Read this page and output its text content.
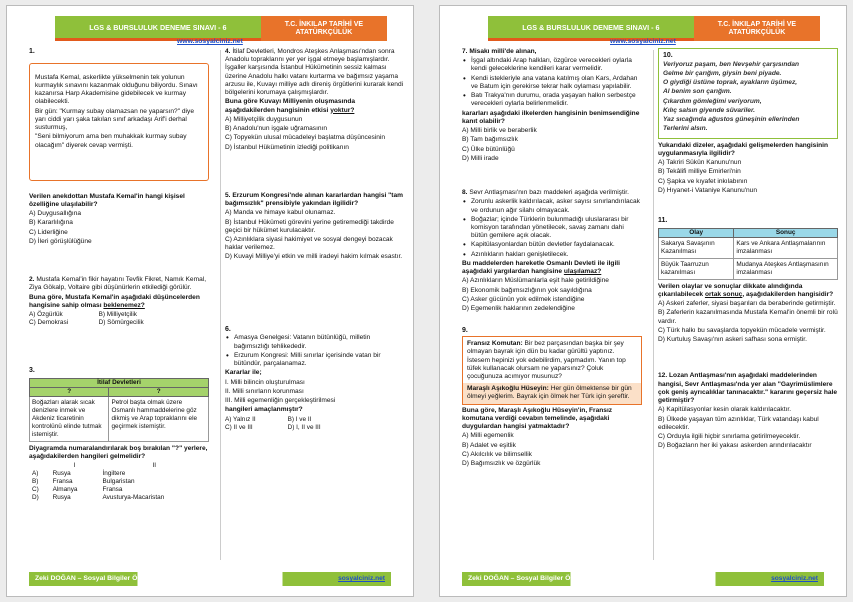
LGS & BURSLULUK DENEME SINAVI - 6	T.C. İNKILAP TARİHİ VE ATATÜRKÇÜLÜK
www.sosyalciniz.net
1.

Mustafa Kemal, askerlikte yükselmenin tek yolunun kurmaylık sınavını kazanmak olduğunu biliyordu. Sınavı kazanırsa Harp Akademisine gidebilecek ve kurmay olabilecekti.

Bir gün: "Kurmay subay olamazsan ne yaparsın?" diye yarı ciddi yarı şaka takılan sınıf arkadaşı Arif'i derhal susturmuş,

"Seni bilmiyorum ama ben muhakkak kurmay subay olacağım" diyerek cevap vermişti.

Verilen anekdottan Mustafa Kemal'in hangi kişisel özelliğine ulaşılabilir?

A) Duygusallığına

B) Kararlılığına

C) Liderliğine

D) İleri görüşlülüğüne

2. Mustafa Kemal'in fikir hayatını Tevfik Fikret, Namık Kemal, Ziya Gökalp, Voltaire gibi düşünürlerin etkilediği görülür.

Buna göre, Mustafa Kemal'in aşağıdaki düşüncelerden hangisine sahip olması beklenemez?

A) Özgürlük	B) Milliyetçilik
C) Demokrasi	D) Sömürgecilik
3.
İtilaf Devletleri	
?	?
Boğazları alarak sıcak denizlere inmek ve Akdeniz ticaretinin kontrolünü elinde tutmak istemiştir.	Petrol başta olmak üzere Osmanlı hammaddelerine göz dikmiş ve Arap topraklarını ele geçirmek istemiştir.

Diyagramda numaralandırılarak boş bırakılan "?" yerlere, aşağıdakilerden hangileri gelmelidir?

	I	II
A)	Rusya	İngiltere
B)	Fransa	Bulgaristan
C)	Almanya	Fransa
D)	Rusya	Avusturya-Macaristan

4. İtilaf Devletleri, Mondros Ateşkes Anlaşması'ndan sonra Anadolu topraklarını yer yer işgal etmeye başlamışlardır. İşgaller karşısında İstanbul Hükümetinin sessiz kalması üzerine Anadolu halkı vatanı kurtarma ve bağımsız yaşama arzusu ile, Kuvayı milliye adlı direniş örgütlerini kurarak kendi bölgelerini korumaya çalışmışlardır.

Buna göre Kuvayı Milliyenin oluşmasında aşağıdakilerden hangisinin etkisi yoktur?

A) Milliyetçilik duygusunun

B) Anadolu'nun işgale uğramasının

C) Topyekün ulusal mücadeleyi başlatma düşüncesinin

D) İstanbul Hükümetinin izlediği politikanın

5. Erzurum Kongresi'nde alınan kararlardan hangisi "tam bağımsızlık" prensibiyle yakından ilgilidir?

A) Manda ve himaye kabul olunamaz.

B) İstanbul Hükümeti görevini yerine getiremediği takdirde geçici bir hükümet kurulacaktır.

C) Azınlıklara siyasi hakimiyet ve sosyal dengeyi bozacak haklar verilemez.

D) Kuvayi Milliye'yi etkin ve milli iradeyi hakim kılmak esastır.

6.

• Amasya Genelgesi: Vatanın bütünlüğü, milletin bağımsızlığı tehlikededir.

• Erzurum Kongresi: Milli sınırlar içerisinde vatan bir bütündür, parçalanamaz.

Kararlar ile;

I. Milli bilincin oluşturulması

II. Milli sınırların korunması

III. Milli egemenliğin gerçekleştirilmesi

hangileri amaçlanmıştır?

A) Yalnız II	B) I ve II
C) II ve III	D) I, II ve III
Zeki DOĞAN – Sosyal Bilgiler Öğretmeni	sosyalciniz.net
LGS & BURSLULUK DENEME SINAVI - 6	T.C. İNKILAP TARİHİ VE ATATÜRKÇÜLÜK
www.sosyalciniz.net

7. Misakı milli'de alınan,

• İşgal altındaki Arap halkları, özgürce verecekleri oylarla kendi geleceklerine kendileri karar vermelidir.

• Kendi istekleriyle ana vatana katılmış olan Kars, Ardahan ve Batum için gerekirse tekrar halk oylaması yapılabilir.

• Batı Trakya'nın durumu, orada yaşayan halkın serbestçe verecekleri oylarla belirlenmelidir.

kararları aşağıdaki ilkelerden hangisinin benimsendiğine kanıt olabilir?

A) Milli birlik ve beraberlik

B) Tam bağımsızlık

C) Ülke bütünlüğü

D) Milli irade

8. Sevr Antlaşması'nın bazı maddeleri aşağıda verilmiştir.

• Zorunlu askerlik kaldırılacak, asker sayısı sınırlandırılacak ve ordunun ağır silahı olmayacak.

• Boğazlar; içinde Türklerin bulunmadığı uluslararası bir komisyon tarafından yönetilecek, savaş zamanı dahi bütün gemilere açık olacak.

• Kapitülasyonlardan bütün devletler faydalanacak.

• Azınlıkların hakları genişletilecek.

Bu maddelerden hareketle Osmanlı Devleti ile ilgili aşağıdaki yargılardan hangisine ulaşılamaz?

A) Azınlıkların Müslümanlarla eşit hale getirildiğine

B) Ekonomik bağımsızlığının yok sayıldığına

C) Asker gücünün yok edilmek istendiğine

D) Egemenlik haklarının zedelendiğine

9.

Fransız Komutan: Bir bez parçasından başka bir şey olmayan bayrak için dün bu kadar gürültü yaptınız. İstesem hepinizi yok edebilirdim, yapmadım. Yanın top tüfek kullanacak olursam ne yaparsınız? Çoluk çocuğunuza acımıyor musunuz?

Maraşlı Aşıkoğlu Hüseyin: Her gün ölmektense bir gün ölmeyi yeğlerim. Bayrak için ölmek her Türk için şereftir.

Buna göre, Maraşlı Aşıkoğlu Hüseyin'in, Fransız komutana verdiği cevabın temelinde, aşağıdaki duygulardan hangisi yatmaktadır?

A) Milli egemenlik

B) Adalet ve eşitlik

C) Akılcılık ve bilimsellik

D) Bağımsızlık ve özgürlük

10.

Veriyoruz paşam, ben Nevşehir çarşısından

Gelme bir çarığım, giysin beni piyade.

O giydiği üstüne toprak, ayakların üşümez,

Al benim son çarığım.

Çıkardım gömleğimi veriyorum,

Kılıç salsın giyende süvariler.

Yaz sıcağında ağustos güneşinin ellerinden

Terlerini alsın.

Yukarıdaki dizeler, aşağıdaki gelişmelerden hangisinin uygulanmasıyla ilgilidir?

A) Takriri Sükûn Kanunu'nun

B) Tekâlifi milliye Emirleri'nin

C) Şapka ve kıyafet inkılabının

D) Hıyanet-i Vataniye Kanunu'nun

11.
Olay	Sonuç
Sakarya Savaşının Kazanılması	Kars ve Ankara Antlaşmalarının imzalanması
Büyük Taarruzun kazanılması	Mudanya Ateşkes Antlaşmasının imzalanması

Verilen olaylar ve sonuçlar dikkate alındığında çıkarılabilecek ortak sonuç, aşağıdakilerden hangisidir?

A) Askeri zaferler, siyasi başarıları da beraberinde getirmiştir.

B) Zaferlerin kazanılmasında Mustafa Kemal'in önemli bir rolü vardır.

C) Türk halkı bu savaşlarda topyekün mücadele vermiştir.

D) Kurtuluş Savaşı'nın askeri safhası sona ermiştir.

12. Lozan Antlaşması'nın aşağıdaki maddelerinden hangisi, Sevr Antlaşması'nda yer alan "Gayrimüslimlere çok geniş ayrıcalıklar tanınacaktır." kararını geçersiz hale getirmiştir?

A) Kapitülasyonlar kesin olarak kaldırılacaktır.

B) Ülkede yaşayan tüm azınlıklar, Türk vatandaşı kabul edilecektir.

C) Orduyla ilgili hiçbir sınırlama getirilmeyecektir.

D) Boğazların her iki yakası askerden arındırılacaktır

Zeki DOĞAN – Sosyal Bilgiler Öğretmeni	sosyalciniz.net
